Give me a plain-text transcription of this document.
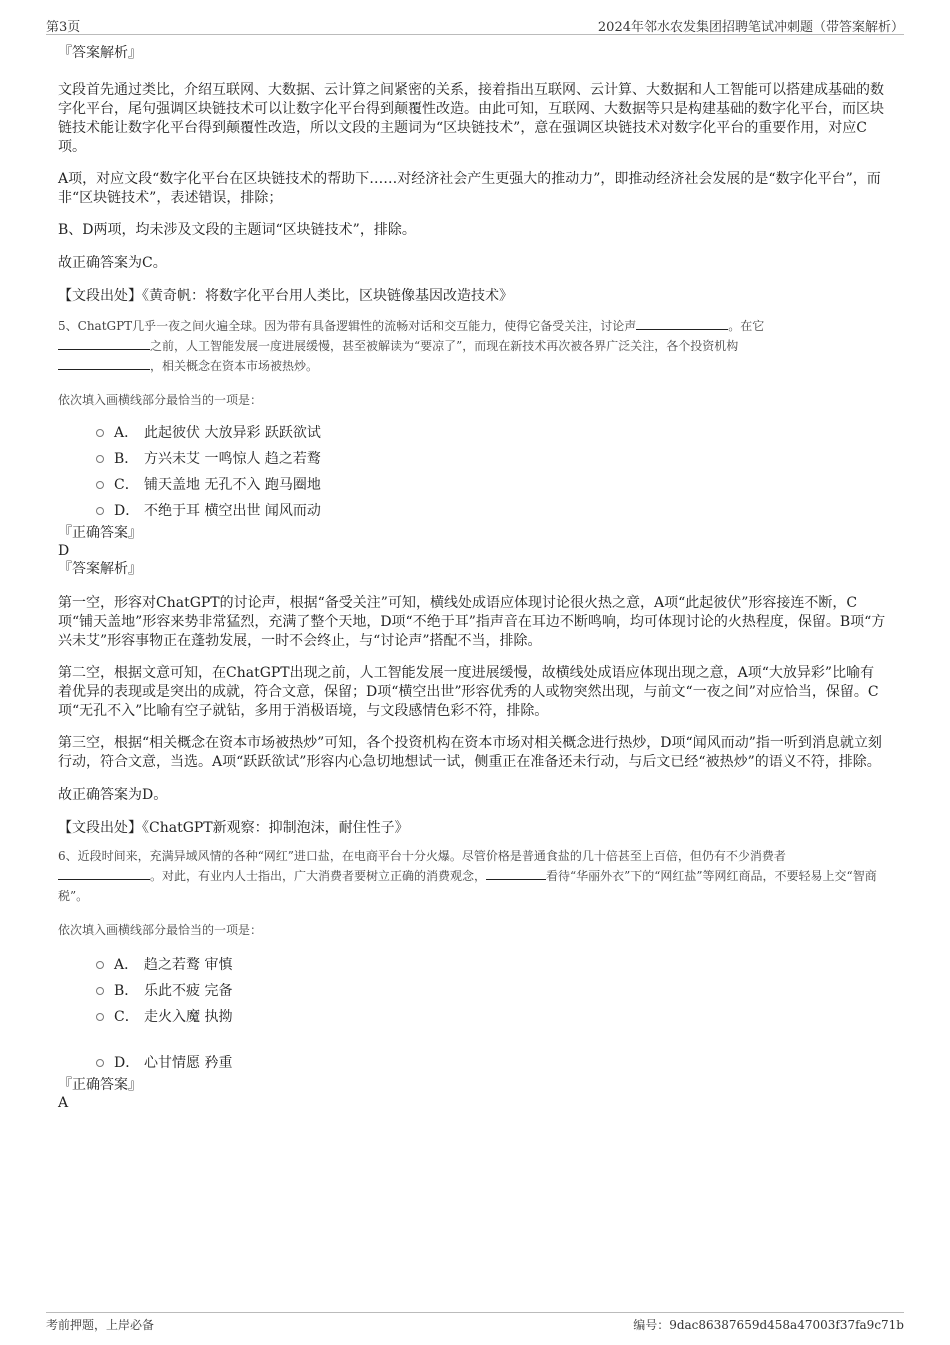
第3页	2024年邻水农发集团招聘笔试冲刺题（带答案解析）

『答案解析』

文段首先通过类比，介绍互联网、大数据、云计算之间紧密的关系，接着指出互联网、云计算、大数据和人工智能可以搭建成基础的数字化平台，尾句强调区块链技术可以让数字化平台得到颠覆性改造。由此可知，互联网、大数据等只是构建基础的数字化平台，而区块链技术能让数字化平台得到颠覆性改造，所以文段的主题词为“区块链技术”，意在强调区块链技术对数字化平台的重要作用，对应C项。

A项，对应文段“数字化平台在区块链技术的帮助下……对经济社会产生更强大的推动力”，即推动经济社会发展的是“数字化平台”，而非“区块链技术”，表述错误，排除；

B、D两项，均未涉及文段的主题词“区块链技术”，排除。

故正确答案为C。

【文段出处】《黄奇帆：将数字化平台用人类比，区块链像基因改造技术》

5、ChatGPT几乎一夜之间火遍全球。因为带有具备逻辑性的流畅对话和交互能力，使得它备受关注，讨论声	。在它
之前，人工智能发展一度进展缓慢，甚至被解读为“要凉了”，而现在新技术再次被各界广泛关注，各个投资机构
，相关概念在资本市场被热炒。

依次填入画横线部分最恰当的一项是：

A． 此起彼伏 大放异彩 跃跃欲试
B． 方兴未艾 一鸣惊人 趋之若鹜
C． 铺天盖地 无孔不入 跑马圈地
D． 不绝于耳 横空出世 闻风而动

『正确答案』

D

『答案解析』

第一空，形容对ChatGPT的讨论声，根据“备受关注”可知，横线处成语应体现讨论很火热之意，A项“此起彼伏”形容接连不断，C项“铺天盖地”形容来势非常猛烈，充满了整个天地，D项“不绝于耳”指声音在耳边不断鸣响，均可体现讨论的火热程度，保留。B项“方兴未艾”形容事物正在蓬勃发展，一时不会终止，与“讨论声”搭配不当，排除。

第二空，根据文意可知，在ChatGPT出现之前，人工智能发展一度进展缓慢，故横线处成语应体现出现之意，A项“大放异彩”比喻有着优异的表现或是突出的成就，符合文意，保留；D项“横空出世”形容优秀的人或物突然出现，与前文“一夜之间”对应恰当，保留。C项“无孔不入”比喻有空子就钻，多用于消极语境，与文段感情色彩不符，排除。

第三空，根据“相关概念在资本市场被热炒”可知，各个投资机构在资本市场对相关概念进行热炒，D项“闻风而动”指一听到消息就立刻行动，符合文意，当选。A项“跃跃欲试”形容内心急切地想试一试，侧重正在准备还未行动，与后文已经“被热炒”的语义不符，排除。

故正确答案为D。

【文段出处】《ChatGPT新观察：抑制泡沫，耐住性子》

6、近段时间来，充满异域风情的各种“网红”进口盐，在电商平台十分火爆。尽管价格是普通食盐的几十倍甚至上百倍，但仍有不少消费者
。对此，有业内人士指出，广大消费者要树立正确的消费观念，	看待“华丽外衣”下的“网红盐”等网红商品，不要轻易上交“智商税”。

依次填入画横线部分最恰当的一项是：

A． 趋之若鹜 审慎
B． 乐此不疲 完备
C． 走火入魔 执拗
D． 心甘情愿 矜重

『正确答案』

A

考前押题，上岸必备	编号：9dac86387659d458a47003f37fa9c71b
